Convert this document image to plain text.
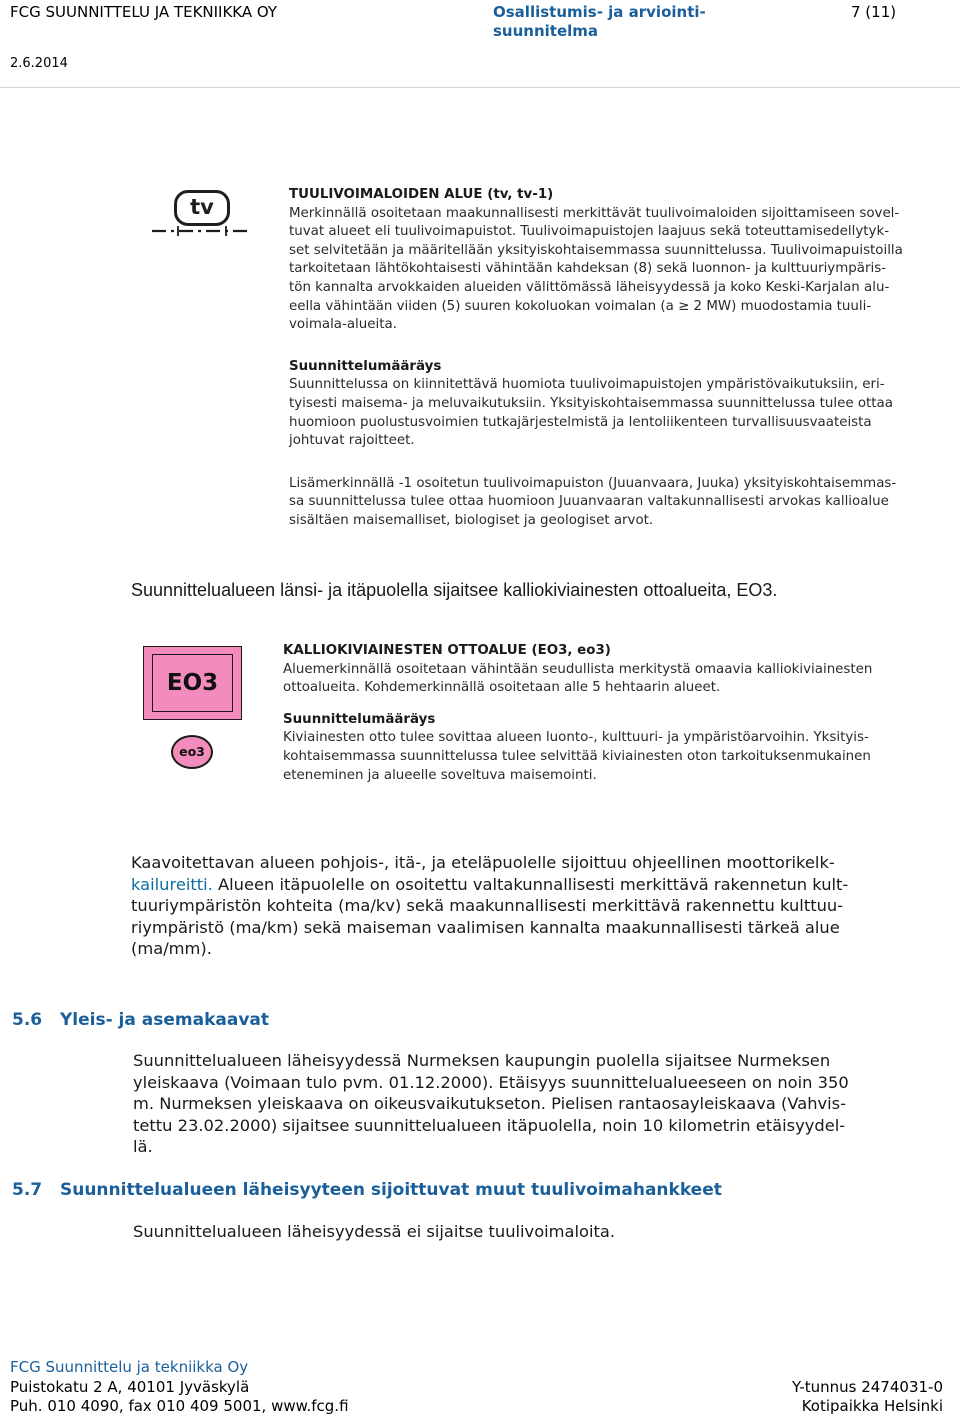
FCG SUUNNITTELU JA TEKNIIKKA OY	Osallistumis- ja arviointi-
suunnitelma
7 (11)
2.6.2014
tv
TUULIVOIMALOIDEN ALUE (tv, tv-1)

Merkinnällä osoitetaan maakunnallisesti merkittävät tuulivoimaloiden sijoittamiseen sovel-

tuvat alueet eli tuulivoimapuistot. Tuulivoimapuistojen laajuus sekä toteuttamisedellytyk-

set selvitetään ja määritellään yksityiskohtaisemmassa suunnittelussa. Tuulivoimapuistoilla

tarkoitetaan lähtökohtaisesti vähintään kahdeksan (8) sekä luonnon- ja kulttuuriympäris-

tön kannalta arvokkaiden alueiden välittömässä läheisyydessä ja koko Keski-Karjalan alu-

eella vähintään viiden (5) suuren kokoluokan voimalan (a ≥ 2 MW) muodostamia tuuli-

voimala-alueita.

Suunnittelumääräys

Suunnittelussa on kiinnitettävä huomiota tuulivoimapuistojen ympäristövaikutuksiin, eri-

tyisesti maisema- ja meluvaikutuksiin. Yksityiskohtaisemmassa suunnittelussa tulee ottaa

huomioon puolustusvoimien tutkajärjestelmistä ja lentoliikenteen turvallisuusvaateista

johtuvat rajoitteet.

Lisämerkinnällä -1 osoitetun tuulivoimapuiston (Juuanvaara, Juuka) yksityiskohtaisemmas-

sa suunnittelussa tulee ottaa huomioon Juuanvaaran valtakunnallisesti arvokas kallioalue

sisältäen maisemalliset, biologiset ja geologiset arvot.

Suunnittelualueen länsi- ja itäpuolella sijaitsee kalliokiviainesten ottoalueita, EO3.
EO3
eo3
KALLIOKIVIAINESTEN OTTOALUE (EO3, eo3)

Aluemerkinnällä osoitetaan vähintään seudullista merkitystä omaavia kalliokiviainesten

ottoalueita. Kohdemerkinnällä osoitetaan alle 5 hehtaarin alueet.

Suunnittelumääräys

Kiviainesten otto tulee sovittaa alueen luonto-, kulttuuri- ja ympäristöarvoihin. Yksityis-

kohtaisemmassa suunnittelussa tulee selvittää kiviainesten oton tarkoituksenmukainen

eteneminen ja alueelle soveltuva maisemointi.

Kaavoitettavan alueen pohjois-, itä-, ja eteläpuolelle sijoittuu ohjeellinen moottorikelk-
kailureitti. Alueen itäpuolelle on osoitettu valtakunnallisesti merkittävä rakennetun kult-
tuuriympäristön kohteita (ma/kv) sekä maakunnallisesti merkittävä rakennettu kulttuu-
riympäristö (ma/km) sekä maiseman vaalimisen kannalta maakunnallisesti tärkeä alue
(ma/mm).
5.6 Yleis- ja asemakaavat
Suunnittelualueen läheisyydessä Nurmeksen kaupungin puolella sijaitsee Nurmeksen
yleiskaava (Voimaan tulo pvm. 01.12.2000). Etäisyys suunnittelualueeseen on noin 350
m. Nurmeksen yleiskaava on oikeusvaikutukseton. Pielisen rantaosayleiskaava (Vahvis-
tettu 23.02.2000) sijaitsee suunnittelualueen itäpuolella, noin 10 kilometrin etäisyydel-
lä.
5.7 Suunnittelualueen läheisyyteen sijoittuvat muut tuulivoimahankkeet
Suunnittelualueen läheisyydessä ei sijaitse tuulivoimaloita.
FCG Suunnittelu ja tekniikka Oy
Puistokatu 2 A, 40101 Jyväskylä
Puh. 010 4090, fax 010 409 5001, www.fcg.fi
Y-tunnus 2474031-0
Kotipaikka Helsinki
